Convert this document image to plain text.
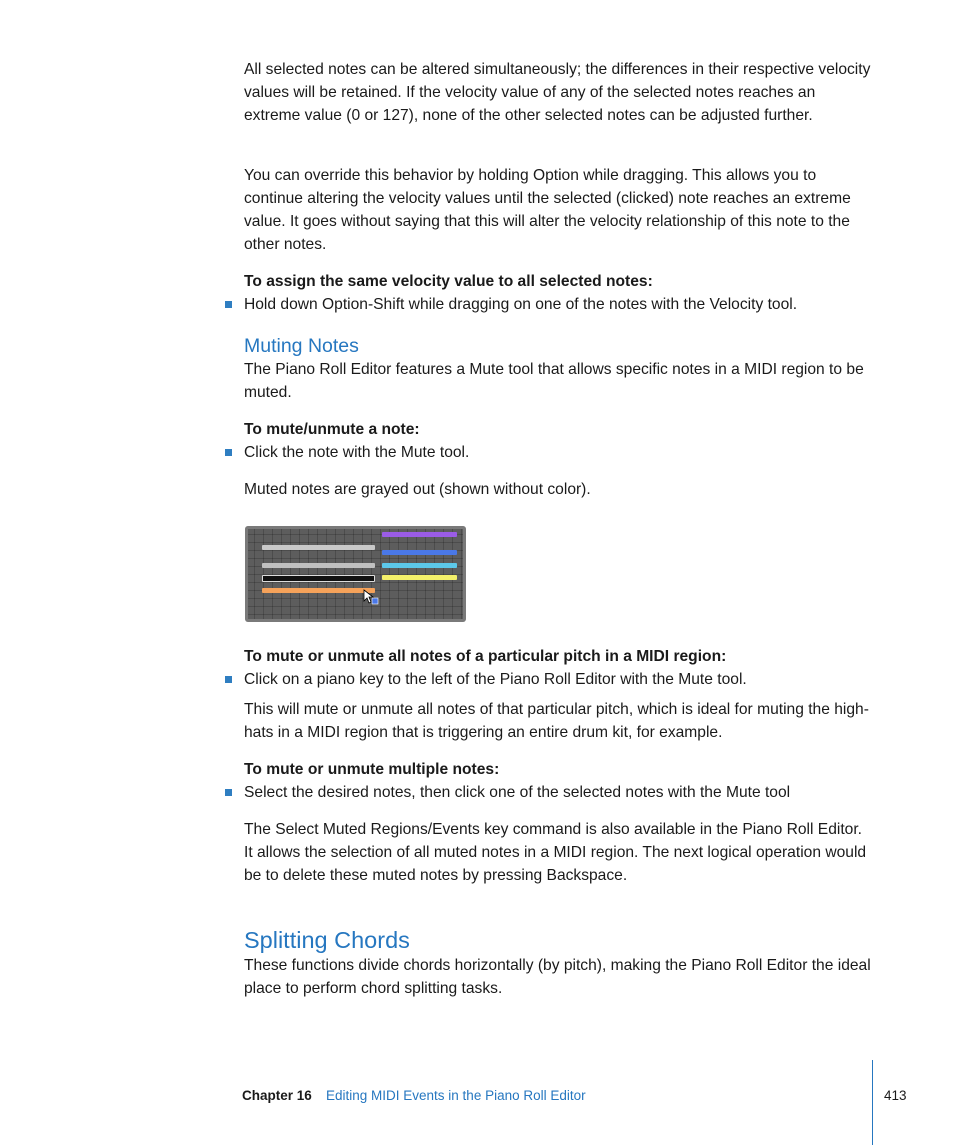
All selected notes can be altered simultaneously; the differences in their respective velocity values will be retained. If the velocity value of any of the selected notes reaches an extreme value (0 or 127), none of the other selected notes can be adjusted further.
You can override this behavior by holding Option while dragging. This allows you to continue altering the velocity values until the selected (clicked) note reaches an extreme value. It goes without saying that this will alter the velocity relationship of this note to the other notes.
To assign the same velocity value to all selected notes:
Hold down Option-Shift while dragging on one of the notes with the Velocity tool.
Muting Notes
The Piano Roll Editor features a Mute tool that allows specific notes in a MIDI region to be muted.
To mute/unmute a note:
Click the note with the Mute tool.
Muted notes are grayed out (shown without color).
To mute or unmute all notes of a particular pitch in a MIDI region:
Click on a piano key to the left of the Piano Roll Editor with the Mute tool.
This will mute or unmute all notes of that particular pitch, which is ideal for muting the high-hats in a MIDI region that is triggering an entire drum kit, for example.
To mute or unmute multiple notes:
Select the desired notes, then click one of the selected notes with the Mute tool
The Select Muted Regions/Events key command is also available in the Piano Roll Editor. It allows the selection of all muted notes in a MIDI region. The next logical operation would be to delete these muted notes by pressing Backspace.
Splitting Chords
These functions divide chords horizontally (by pitch), making the Piano Roll Editor the ideal place to perform chord splitting tasks.
Chapter 16 Editing MIDI Events in the Piano Roll Editor	413
